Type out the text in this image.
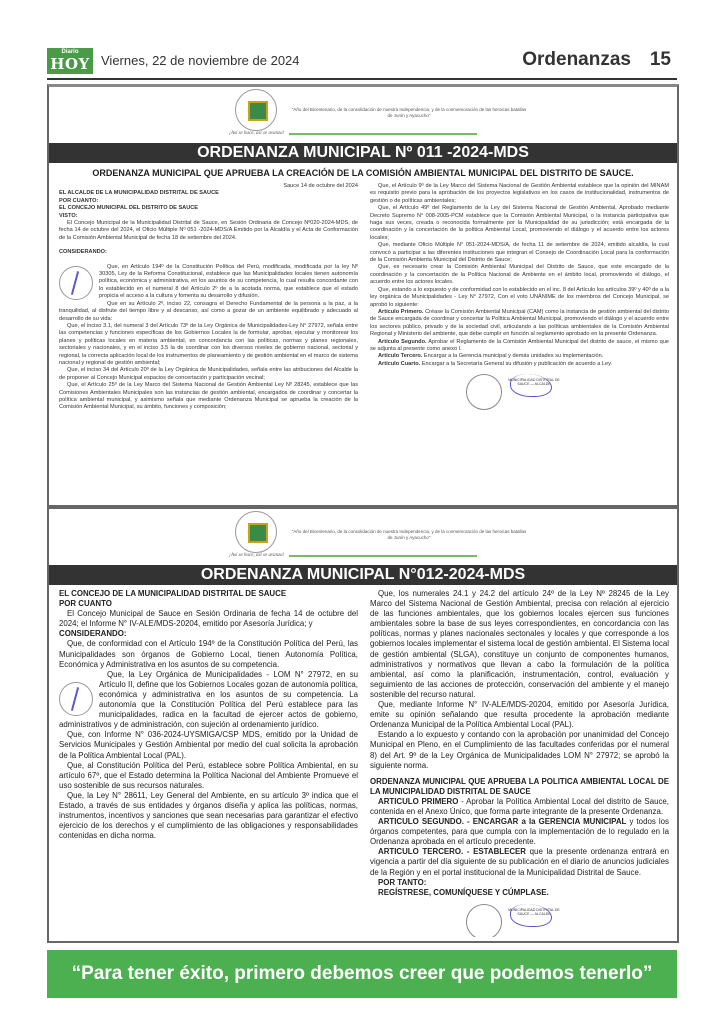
Diario
HOY Viernes, 22 de noviembre de 2024	Ordenanzas 15
¡Así se hace, así se avanza!
"Año del Bicentenario, de la consolidación de nuestra Independencia, y de la conmemoración de las heroicas batallas de Junín y Ayacucho"
ORDENANZA MUNICIPAL Nº 011 -2024-MDS
ORDENANZA MUNICIPAL QUE APRUEBA LA CREACIÓN DE LA COMISIÓN AMBIENTAL MUNICIPAL DEL DISTRITO DE SAUCE.

Sauce 14 de octubre del 2024

EL ALCALDE DE LA MUNICIPALIDAD DISTRITAL DE SAUCE

POR CUANTO:

EL CONCEJO MUNICIPAL DEL DISTRITO DE SAUCE

VISTO:

El Concejo Municipal de la Municipalidad Distrital de Sauce, en Sesión Ordinaria de Concejo Nº020-2024-MDS, de fecha 14 de octubre del 2024, el Oficio Múltiple Nº 051 -2024-MDS/A Emitido por la Alcaldía y el Acta de Conformación de la Comisión Ambiental Municipal de fecha 18 de setiembre del 2024.

CONSIDERANDO:

Que, en Artículo 194º de la Constitución Política del Perú, modificada, modificada por la ley Nº 30305, Ley de la Reforma Constitucional, establece que las Municipalidades locales tienen autonomía política, económica y administrativa, en los asuntos de su competencia, lo cual resulta concordante con lo establecido en el numeral 8 del Artículo 2º de a la acotada norma, que establece que el estado propicia el acceso a la cultura y fomenta su desarrollo y difusión.

Que en su Artículo 2º, inciso 22, consagra el Derecho Fundamental de la persona a la paz, a la tranquilidad, al disfrute del tiempo libre y al descanso, así como a gozar de un ambiente equilibrado y adecuado al desarrollo de su vida:

Que, el inciso 3.1, del numeral 3 del Artículo 73º de la Ley Orgánica de Municipalidades-Ley N° 27972, señala entre las competencias y funciones específicas de los Gobiernos Locales la de formular, aprobar, ejecutar y monitorear los planes y políticas locales en materia ambiental, en concordancia con las políticas, normas y planes regionales, sectoriales y nacionales, y en el inciso 3.5 la de coordinar con los diversos niveles de gobierno nacional, sectorial y regional, la correcta aplicación local de los instrumentos de planeamiento y de gestión ambiental en el marco de sistema nacional y regional de gestión ambiental;

Que, el inciso 34 del Artículo 20º de la Ley Orgánica de Municipalidades, señala entre las atribuciones del Alcalde la de proponer al Concejo Municipal espacios de concertación y participación vecinal;

Que, el Artículo 25º de la Ley Marco del Sistema Nacional de Gestión Ambiental Ley Nº 28245, establece que las Comisiones Ambientales Municipales son las instancias de gestión ambiental, encargados de coordinar y concertar la política ambiental municipal, y asimismo señala que mediante Ordenanza Municipal se aprueba la creación de la Comisión Ambiental Municipal, su ámbito, funciones y composición;

Que, el Artículo 9º de la Ley Marco del Sistema Nacional de Gestión Ambiental establece que la opinión del MINAM es requisito previo para la aprobación de los proyectos legislativos en los casos de institucionalidad, instrumentos de gestión o de políticas ambientales;

Que, el Artículo 49º del Reglamento de la Ley del Sistema Nacional de Gestión Ambiental, Aprobado mediante Decreto Supremo N° 008-2005-PCM establece que la Comisión Ambiental Municipal, o la instancia participativa que haga sus veces, creada o reconocida formalmente por la Municipalidad de su jurisdicción; está encargada de la coordinación y la concertación de la política Ambiental Local, promoviendo el diálogo y el acuerdo entre los actores locales;

Que, mediante Oficio Múltiple N° 051-2024-MDS/A, de fecha 11 de setiembre de 2024, emitido alcaldía, la cual convocó a participar a las diferentes instituciones que integran el Consejo de Coordinación Local para la conformación de la Comisión Ambienta Municipal del Distrito de Sauce;

Que, es necesario crear la Comisión Ambiental Municipal del Distrito de Sauce, que este encargado de la coordinación y la concertación de la Política Nacional de Ambiente en el ámbito local, promoviendo el diálogo, el acuerdo entre los actores locales.

Que, estando a lo expuesto y de conformidad con lo establecido en el inc. 8 del Artículo los artículos 39º y 40º de a la ley orgánica de Municipalidades - Ley N° 27972, Con el voto UNÁNIME de los miembros del Concejo Municipal, se aprobó lo siguiente:

Artículo Primero. Créase la Comisión Ambiental Municipal (CAM) como la instancia de gestión ambiental del distrito de Sauce encargada de coordinar y concertar la Política Ambiental Municipal, promoviendo el diálogo y el acuerdo entre los sectores público, privado y de la sociedad civil, articulando a las políticas ambientales de la Comisión Ambiental Regional y Ministerio del ambiente, que debe cumplir en función al reglamento aprobado en la presente Ordenanza.

Artículo Segundo. Aprobar el Reglamento de la Comisión Ambiental Municipal del distrito de sauce, el mismo que se adjunta al presente como anexo I.

Artículo Tercero. Encargar a la Gerencia municipal y demás unidades su implementación.

Artículo Cuarto. Encargar a la Secretaría General su difusión y publicación de acuerdo a Ley.

MUNICIPALIDAD DISTRITAL DE SAUCE — ALCALDE
¡Así se hace, así se avanza!
"Año del Bicentenario, de la consolidación de nuestra Independencia, y de la conmemoración de las heroicas batallas de Junín y Ayacucho"
ORDENANZA MUNICIPAL N°012-2024-MDS

EL CONCEJO DE LA MUNICIPALIDAD DISTRITAL DE SAUCE

POR CUANTO

El Concejo Municipal de Sauce en Sesión Ordinaria de fecha 14 de octubre del 2024; el Informe N° IV-ALE/MDS-20204, emitido por Asesoría Jurídica; y

CONSIDERANDO:

Que, de conformidad con el Artículo 194º de la Constitución Política del Perú, las Municipalidades son órganos de Gobierno Local, tienen Autonomía Política, Económica y Administrativa en los asuntos de su competencia.

Que, la Ley Orgánica de Municipalidades - LOM N° 27972, en su Artículo II, define que los Gobiernos Locales gozan de autonomía política, económica y administrativa en los asuntos de su competencia. La autonomía que la Constitución Política del Perú establece para las municipalidades, radica en la facultad de ejercer actos de gobierno, administrativos y de administración, con sujeción al ordenamiento jurídico.

Que, con Informe N° 036-2024-UYSMIGA/CSP MDS, emitido por la Unidad de Servicios Municipales y Gestión Ambiental por medio del cual solicita la aprobación de la Política Ambiental Local (PAL).

Que, al Constitución Política del Perú, establece sobre Política Ambiental, en su artículo 67º, que el Estado determina la Política Nacional del Ambiente Promueve el uso sostenible de sus recursos naturales.

Que, la Ley N° 28611, Ley General del Ambiente, en su artículo 3º indica que el Estado, a través de sus entidades y órganos diseña y aplica las políticas, normas, instrumentos, incentivos y sanciones que sean necesarias para garantizar el efectivo ejercicio de los derechos y el cumplimiento de las obligaciones y responsabilidades contenidas en dicha norma.

Que, los numerales 24.1 y 24.2 del artículo 24º de la Ley Nº 28245 de la Ley Marco del Sistema Nacional de Gestión Ambiental, precisa con relación al ejercicio de las funciones ambientales, que los gobiernos locales ejercen sus funciones ambientales sobre la base de sus leyes correspondientes, en concordancia con las políticas, normas y planes nacionales sectonales y locales y que corresponde a los gobiernos locales implementar el sistema local de gestión ambiental. El Sistema local de gestión ambiental (SLGA), constituye un conjunto de componentes humanos, administrativos y normativos que llevan a cabo la formulación de la política ambiental, así como la planificación, instrumentación, control, evaluación y seguimiento de las acciones de protección, conservación del ambiente y el manejo sostenible del recurso natural.

Que, mediante Informe N° IV-ALE/MDS-20204, emitido por Asesoría Jurídica, emite su opinión señalando que resulta procedente la aprobación mediante Ordenanza Municipal de la Política Ambiental Local (PAL).

Estando a lo expuesto y contando con la aprobación por unanimidad del Concejo Municipal en Pleno, en el Cumplimiento de las facultades conferidas por el numeral 8) del Art. 9º de la Ley Orgánica de Municipalidades LOM N° 27972; se aprobó la siguiente norma.

ORDENANZA MUNICIPAL QUE APRUEBA LA POLITICA AMBIENTAL LOCAL DE LA MUNICIPALIDAD DISTRITAL DE SAUCE

ARTICULO PRIMERO - Aprobar la Política Ambiental Local del distrito de Sauce, contenida en el Anexo Único, que forma parte integrante de la presente Ordenanza.

ARTICULO SEGUNDO. - ENCARGAR a la GERENCIA MUNICIPAL y todos los órganos competentes, para que cumpla con la implementación de lo regulado en la Ordenanza aprobada en el artículo precedente.

ARTICULO TERCERO. - ESTABLECER que la presente ordenanza entrará en vigencia a partir del día siguiente de su publicación en el diario de anuncios judiciales de la Región y en el portal institucional de la Municipalidad Distrital de Sauce.

POR TANTO:

REGÍSTRESE, COMUNÍQUESE Y CÚMPLASE.

MUNICIPALIDAD DISTRITAL DE SAUCE — ALCALDE
“Para tener éxito, primero debemos creer que podemos tenerlo”
